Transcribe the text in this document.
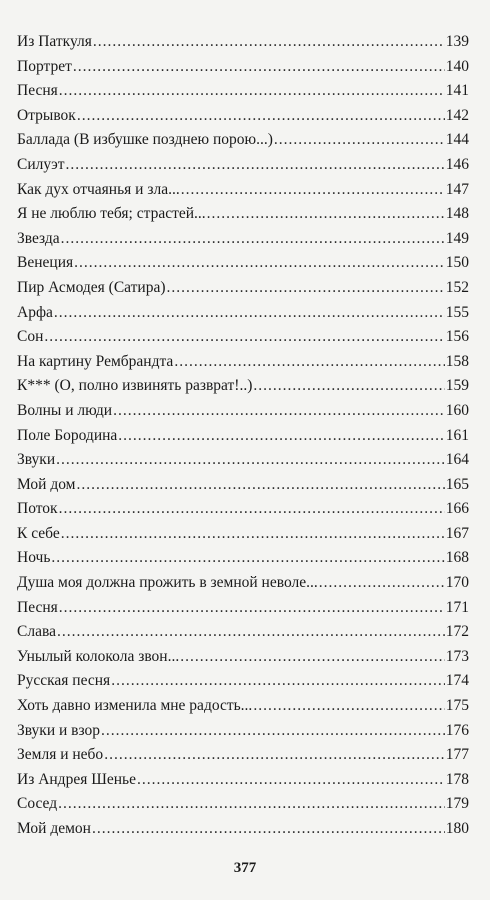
Из Паткуля .....	139
Портрет .....	140
Песня .....	141
Отрывок .....	142
Баллада (В избушке позднею порою...) .....	144
Силуэт .....	146
Как дух отчаянья и зла... .....	147
Я не люблю тебя; страстей... .....	148
Звезда .....	149
Венеция .....	150
Пир Асмодея (Сатира) .....	152
Арфа .....	155
Сон .....	156
На картину Рембрандта .....	158
К*** (О, полно извинять разврат!..) .....	159
Волны и люди .....	160
Поле Бородина .....	161
Звуки .....	164
Мой дом .....	165
Поток .....	166
К себе .....	167
Ночь .....	168
Душа моя должна прожить в земной неволе... .....	170
Песня .....	171
Слава .....	172
Унылый колокола звон... .....	173
Русская песня .....	174
Хоть давно изменила мне радость... .....	175
Звуки и взор .....	176
Земля и небо .....	177
Из Андрея Шенье .....	178
Сосед .....	179
Мой демон .....	180
377
